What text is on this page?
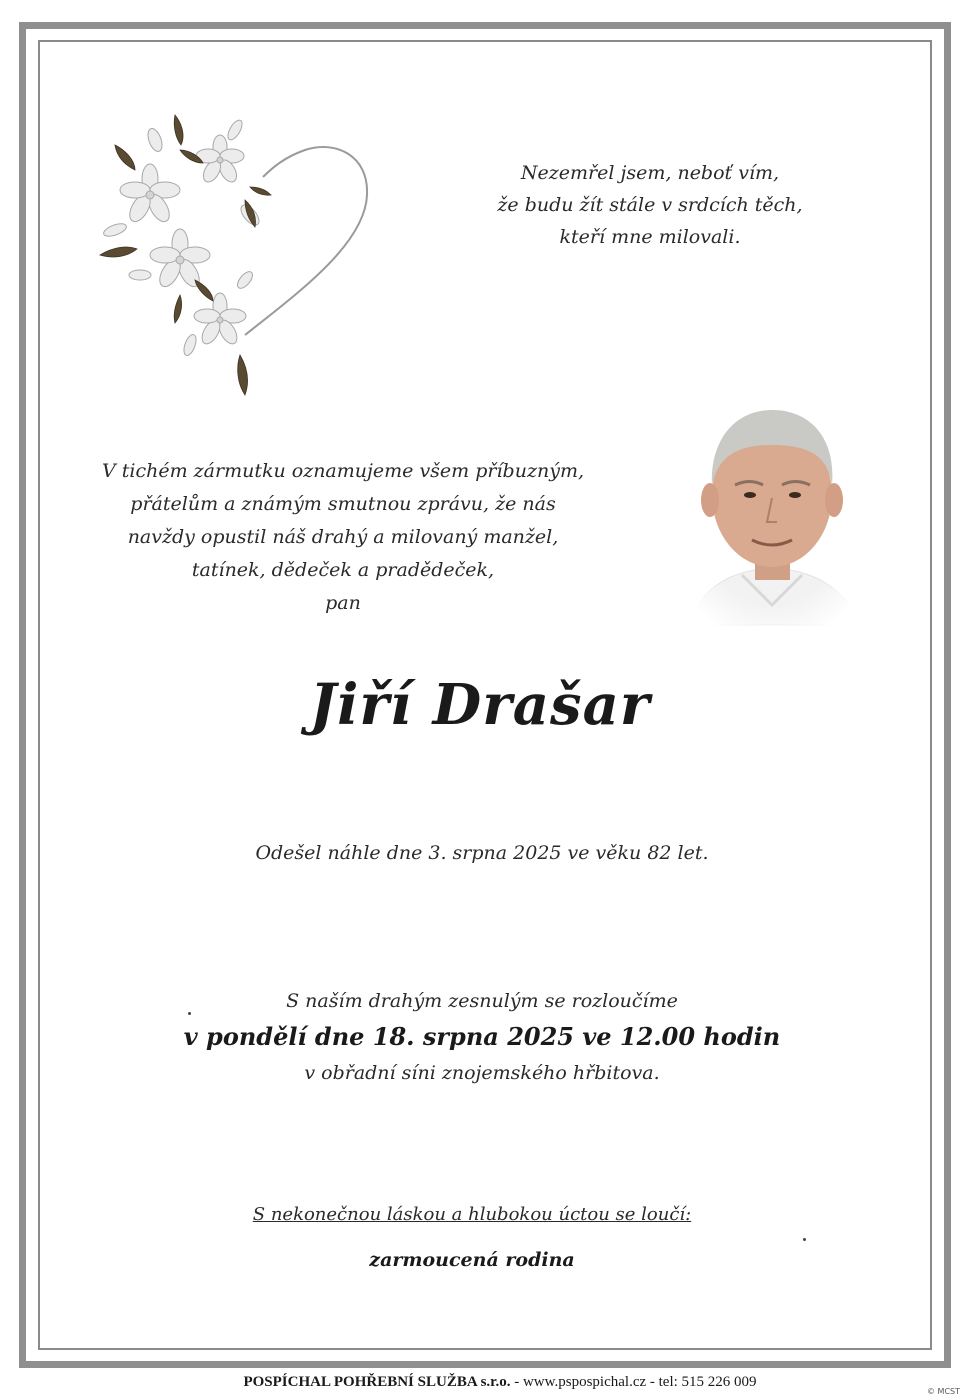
Nezemřel jsem, neboť vím,
že budu žít stále v srdcích těch,
kteří mne milovali.
V tichém zármutku oznamujeme všem příbuzným,
přátelům a známým smutnou zprávu, že nás
navždy opustil náš drahý a milovaný manžel,
tatínek, dědeček a pradědeček,
pan
Jiří Drašar
Odešel náhle dne 3. srpna 2025 ve věku 82 let.
S naším drahým zesnulým se rozloučíme
v pondělí dne 18. srpna 2025 ve 12.00 hodin
v obřadní síni znojemského hřbitova.
S nekonečnou láskou a hlubokou úctou se loučí:
zarmoucená rodina
POSPÍCHAL POHŘEBNÍ SLUŽBA s.r.o. - www.pspospichal.cz - tel: 515 226 009
© MCST
